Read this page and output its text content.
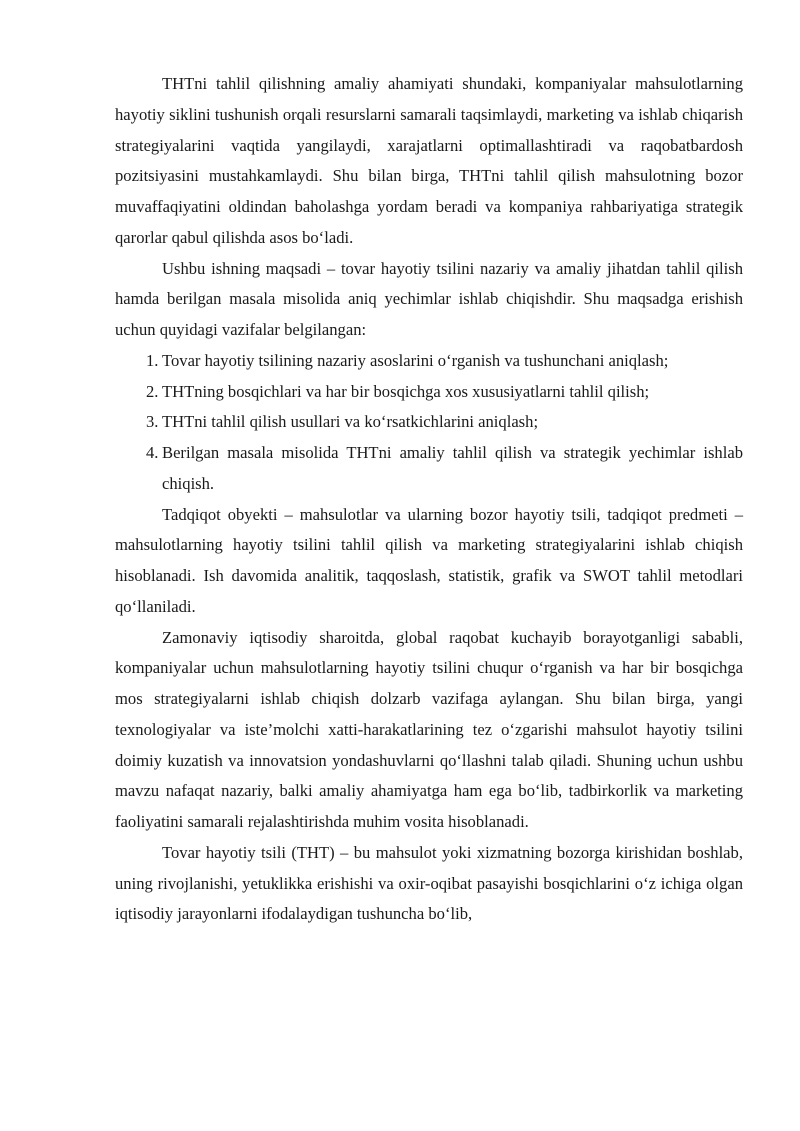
THTni tahlil qilishning amaliy ahamiyati shundaki, kompaniyalar mahsulotlarning hayotiy siklini tushunish orqali resurslarni samarali taqsimlaydi, marketing va ishlab chiqarish strategiyalarini vaqtida yangilaydi, xarajatlarni optimallashtiradi va raqobatbardosh pozitsiyasini mustahkamlaydi. Shu bilan birga, THTni tahlil qilish mahsulotning bozor muvaffaqiyatini oldindan baholashga yordam beradi va kompaniya rahbariyatiga strategik qarorlar qabul qilishda asos bo‘ladi.

Ushbu ishning maqsadi – tovar hayotiy tsilini nazariy va amaliy jihatdan tahlil qilish hamda berilgan masala misolida aniq yechimlar ishlab chiqishdir. Shu maqsadga erishish uchun quyidagi vazifalar belgilangan:

1. Tovar hayotiy tsilining nazariy asoslarini o‘rganish va tushunchani aniqlash;
2. THTning bosqichlari va har bir bosqichga xos xususiyatlarni tahlil qilish;
3. THTni tahlil qilish usullari va ko‘rsatkichlarini aniqlash;
4. Berilgan masala misolida THTni amaliy tahlil qilish va strategik yechimlar ishlab chiqish.

Tadqiqot obyekti – mahsulotlar va ularning bozor hayotiy tsili, tadqiqot predmeti – mahsulotlarning hayotiy tsilini tahlil qilish va marketing strategiyalarini ishlab chiqish hisoblanadi. Ish davomida analitik, taqqoslash, statistik, grafik va SWOT tahlil metodlari qo‘llaniladi.

Zamonaviy iqtisodiy sharoitda, global raqobat kuchayib borayotganligi sababli, kompaniyalar uchun mahsulotlarning hayotiy tsilini chuqur o‘rganish va har bir bosqichga mos strategiyalarni ishlab chiqish dolzarb vazifaga aylangan. Shu bilan birga, yangi texnologiyalar va iste’molchi xatti-harakatlarining tez o‘zgarishi mahsulot hayotiy tsilini doimiy kuzatish va innovatsion yondashuvlarni qo‘llashni talab qiladi. Shuning uchun ushbu mavzu nafaqat nazariy, balki amaliy ahamiyatga ham ega bo‘lib, tadbirkorlik va marketing faoliyatini samarali rejalashtirishda muhim vosita hisoblanadi.

Tovar hayotiy tsili (THT) – bu mahsulot yoki xizmatning bozorga kirishidan boshlab, uning rivojlanishi, yetuklikka erishishi va oxir-oqibat pasayishi bosqichlarini o‘z ichiga olgan iqtisodiy jarayonlarni ifodalaydigan tushuncha bo‘lib,
